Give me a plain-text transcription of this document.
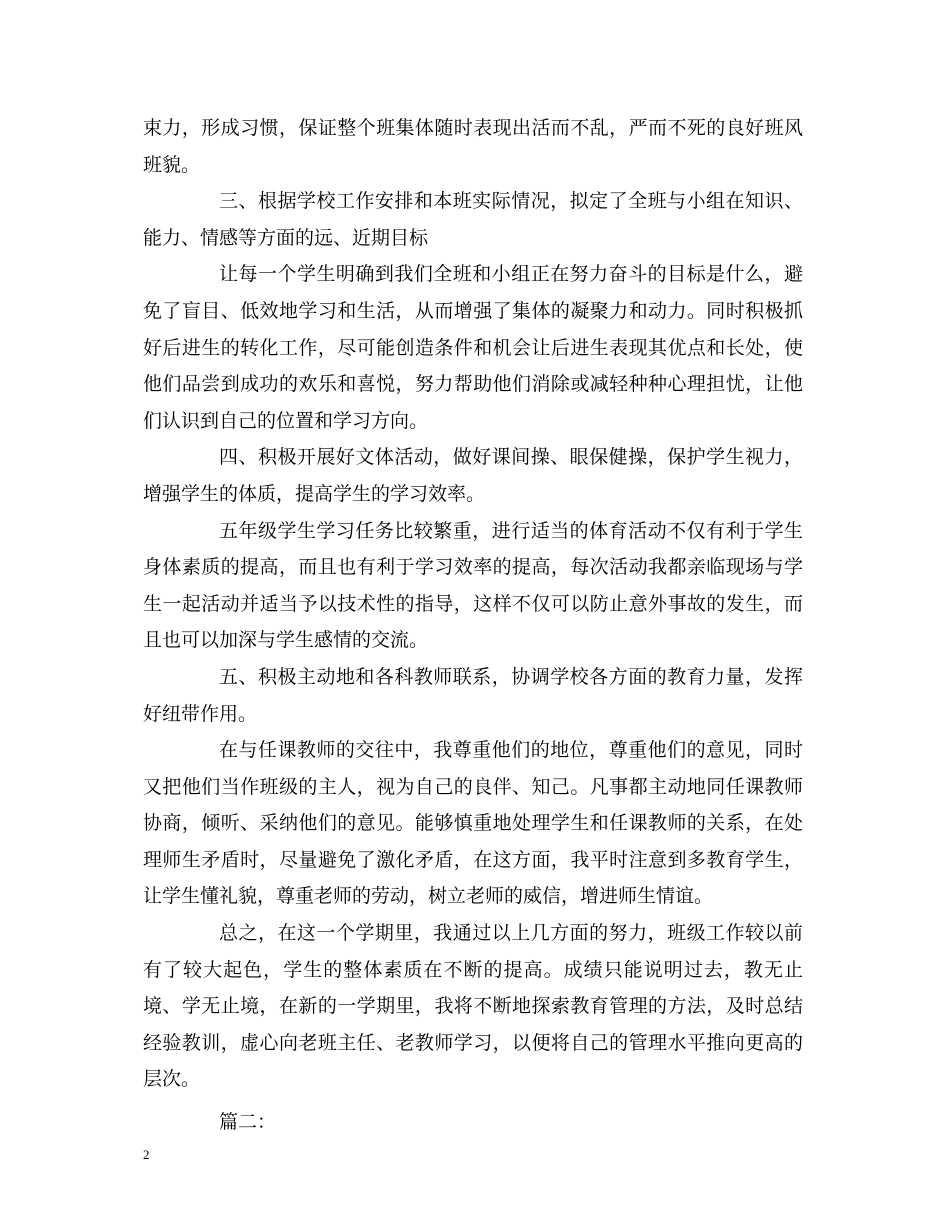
束力，形成习惯，保证整个班集体随时表现出活而不乱，严而不死的良好班风班貌。

三、根据学校工作安排和本班实际情况，拟定了全班与小组在知识、能力、情感等方面的远、近期目标

让每一个学生明确到我们全班和小组正在努力奋斗的目标是什么，避免了盲目、低效地学习和生活，从而增强了集体的凝聚力和动力。同时积极抓好后进生的转化工作，尽可能创造条件和机会让后进生表现其优点和长处，使他们品尝到成功的欢乐和喜悦，努力帮助他们消除或减轻种种心理担忧，让他们认识到自己的位置和学习方向。

四、积极开展好文体活动，做好课间操、眼保健操，保护学生视力，增强学生的体质，提高学生的学习效率。

五年级学生学习任务比较繁重，进行适当的体育活动不仅有利于学生身体素质的提高，而且也有利于学习效率的提高，每次活动我都亲临现场与学生一起活动并适当予以技术性的指导，这样不仅可以防止意外事故的发生，而且也可以加深与学生感情的交流。

五、积极主动地和各科教师联系，协调学校各方面的教育力量，发挥好纽带作用。

在与任课教师的交往中，我尊重他们的地位，尊重他们的意见，同时又把他们当作班级的主人，视为自己的良伴、知己。凡事都主动地同任课教师协商，倾听、采纳他们的意见。能够慎重地处理学生和任课教师的关系，在处理师生矛盾时，尽量避免了激化矛盾，在这方面，我平时注意到多教育学生，让学生懂礼貌，尊重老师的劳动，树立老师的威信，增进师生情谊。

总之，在这一个学期里，我通过以上几方面的努力，班级工作较以前有了较大起色，学生的整体素质在不断的提高。成绩只能说明过去，教无止境、学无止境，在新的一学期里，我将不断地探索教育管理的方法，及时总结经验教训，虚心向老班主任、老教师学习，以便将自己的管理水平推向更高的层次。

篇二：

2
